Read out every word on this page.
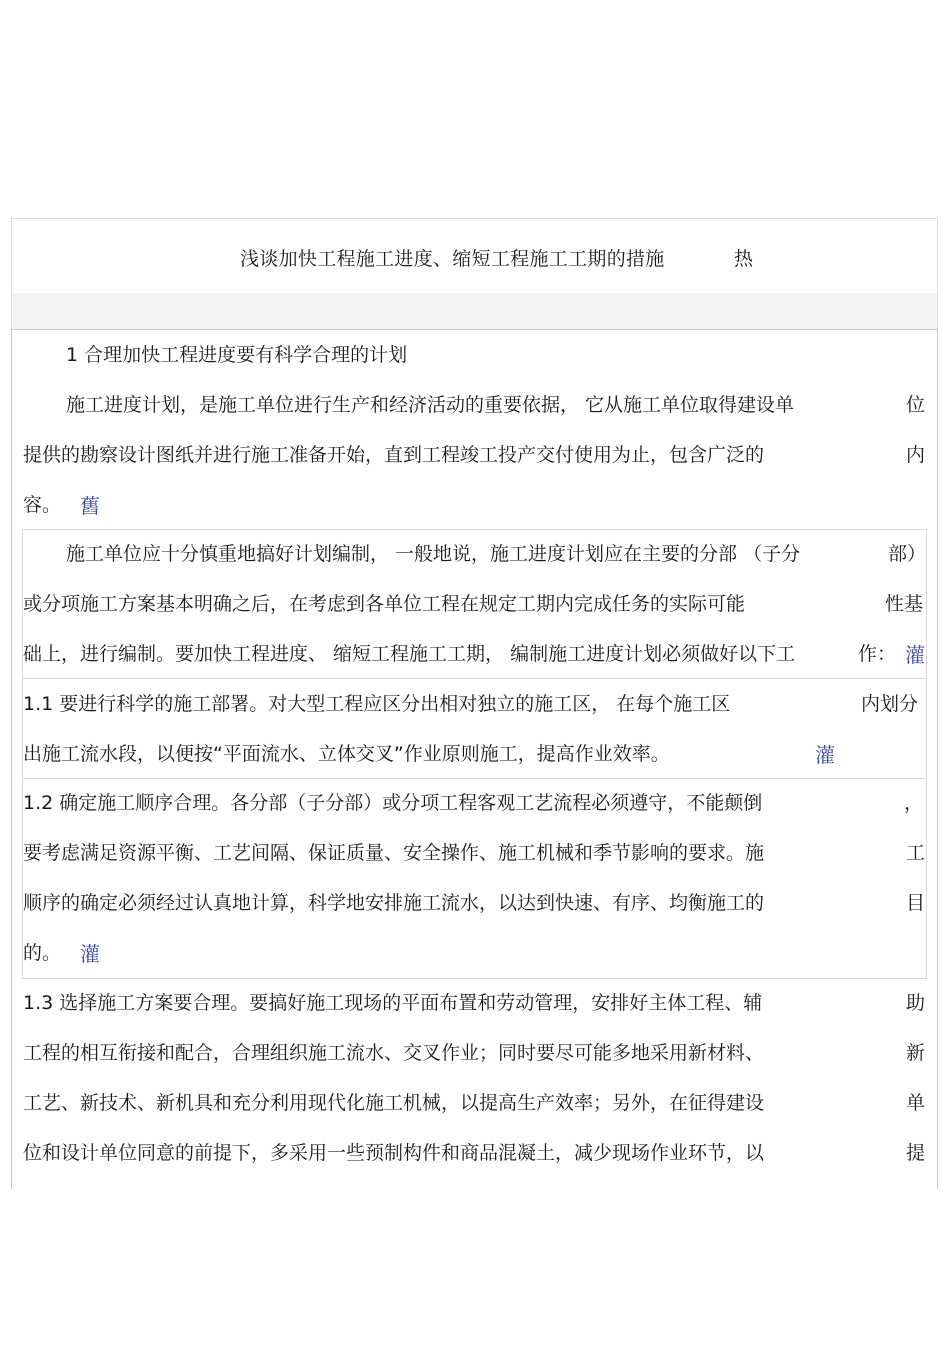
浅谈加快工程施工进度、缩短工程施工工期的措施	热
1 合理加快工程进度要有科学合理的计划
施工进度计划，是施工单位进行生产和经济活动的重要依据， 它从施工单位取得建设单	位
提供的勘察设计图纸并进行施工准备开始，直到工程竣工投产交付使用为止，包含广泛的	内
容。 舊
施工单位应十分慎重地搞好计划编制， 一般地说，施工进度计划应在主要的分部 （子分	部）
或分项施工方案基本明确之后，在考虑到各单位工程在规定工期内完成任务的实际可能	性基
础上，进行编制。要加快工程进度、 缩短工程施工工期， 编制施工进度计划必须做好以下工	作： 灌
1.1 要进行科学的施工部署。对大型工程应区分出相对独立的施工区， 在每个施工区	内划分
出施工流水段，以便按“平面流水、立体交叉”作业原则施工，提高作业效率。	灌
1.2 确定施工顺序合理。各分部（子分部）或分项工程客观工艺流程必须遵守，不能颠倒	，
要考虑满足资源平衡、工艺间隔、保证质量、安全操作、施工机械和季节影响的要求。施	工
顺序的确定必须经过认真地计算，科学地安排施工流水，以达到快速、有序、均衡施工的	目
的。 灌
1.3 选择施工方案要合理。要搞好施工现场的平面布置和劳动管理，安排好主体工程、辅	助
工程的相互衔接和配合，合理组织施工流水、交叉作业；同时要尽可能多地采用新材料、	新
工艺、新技术、新机具和充分利用现代化施工机械，以提高生产效率；另外，在征得建设	单
位和设计单位同意的前提下，多采用一些预制构件和商品混凝土，减少现场作业环节，以	提
